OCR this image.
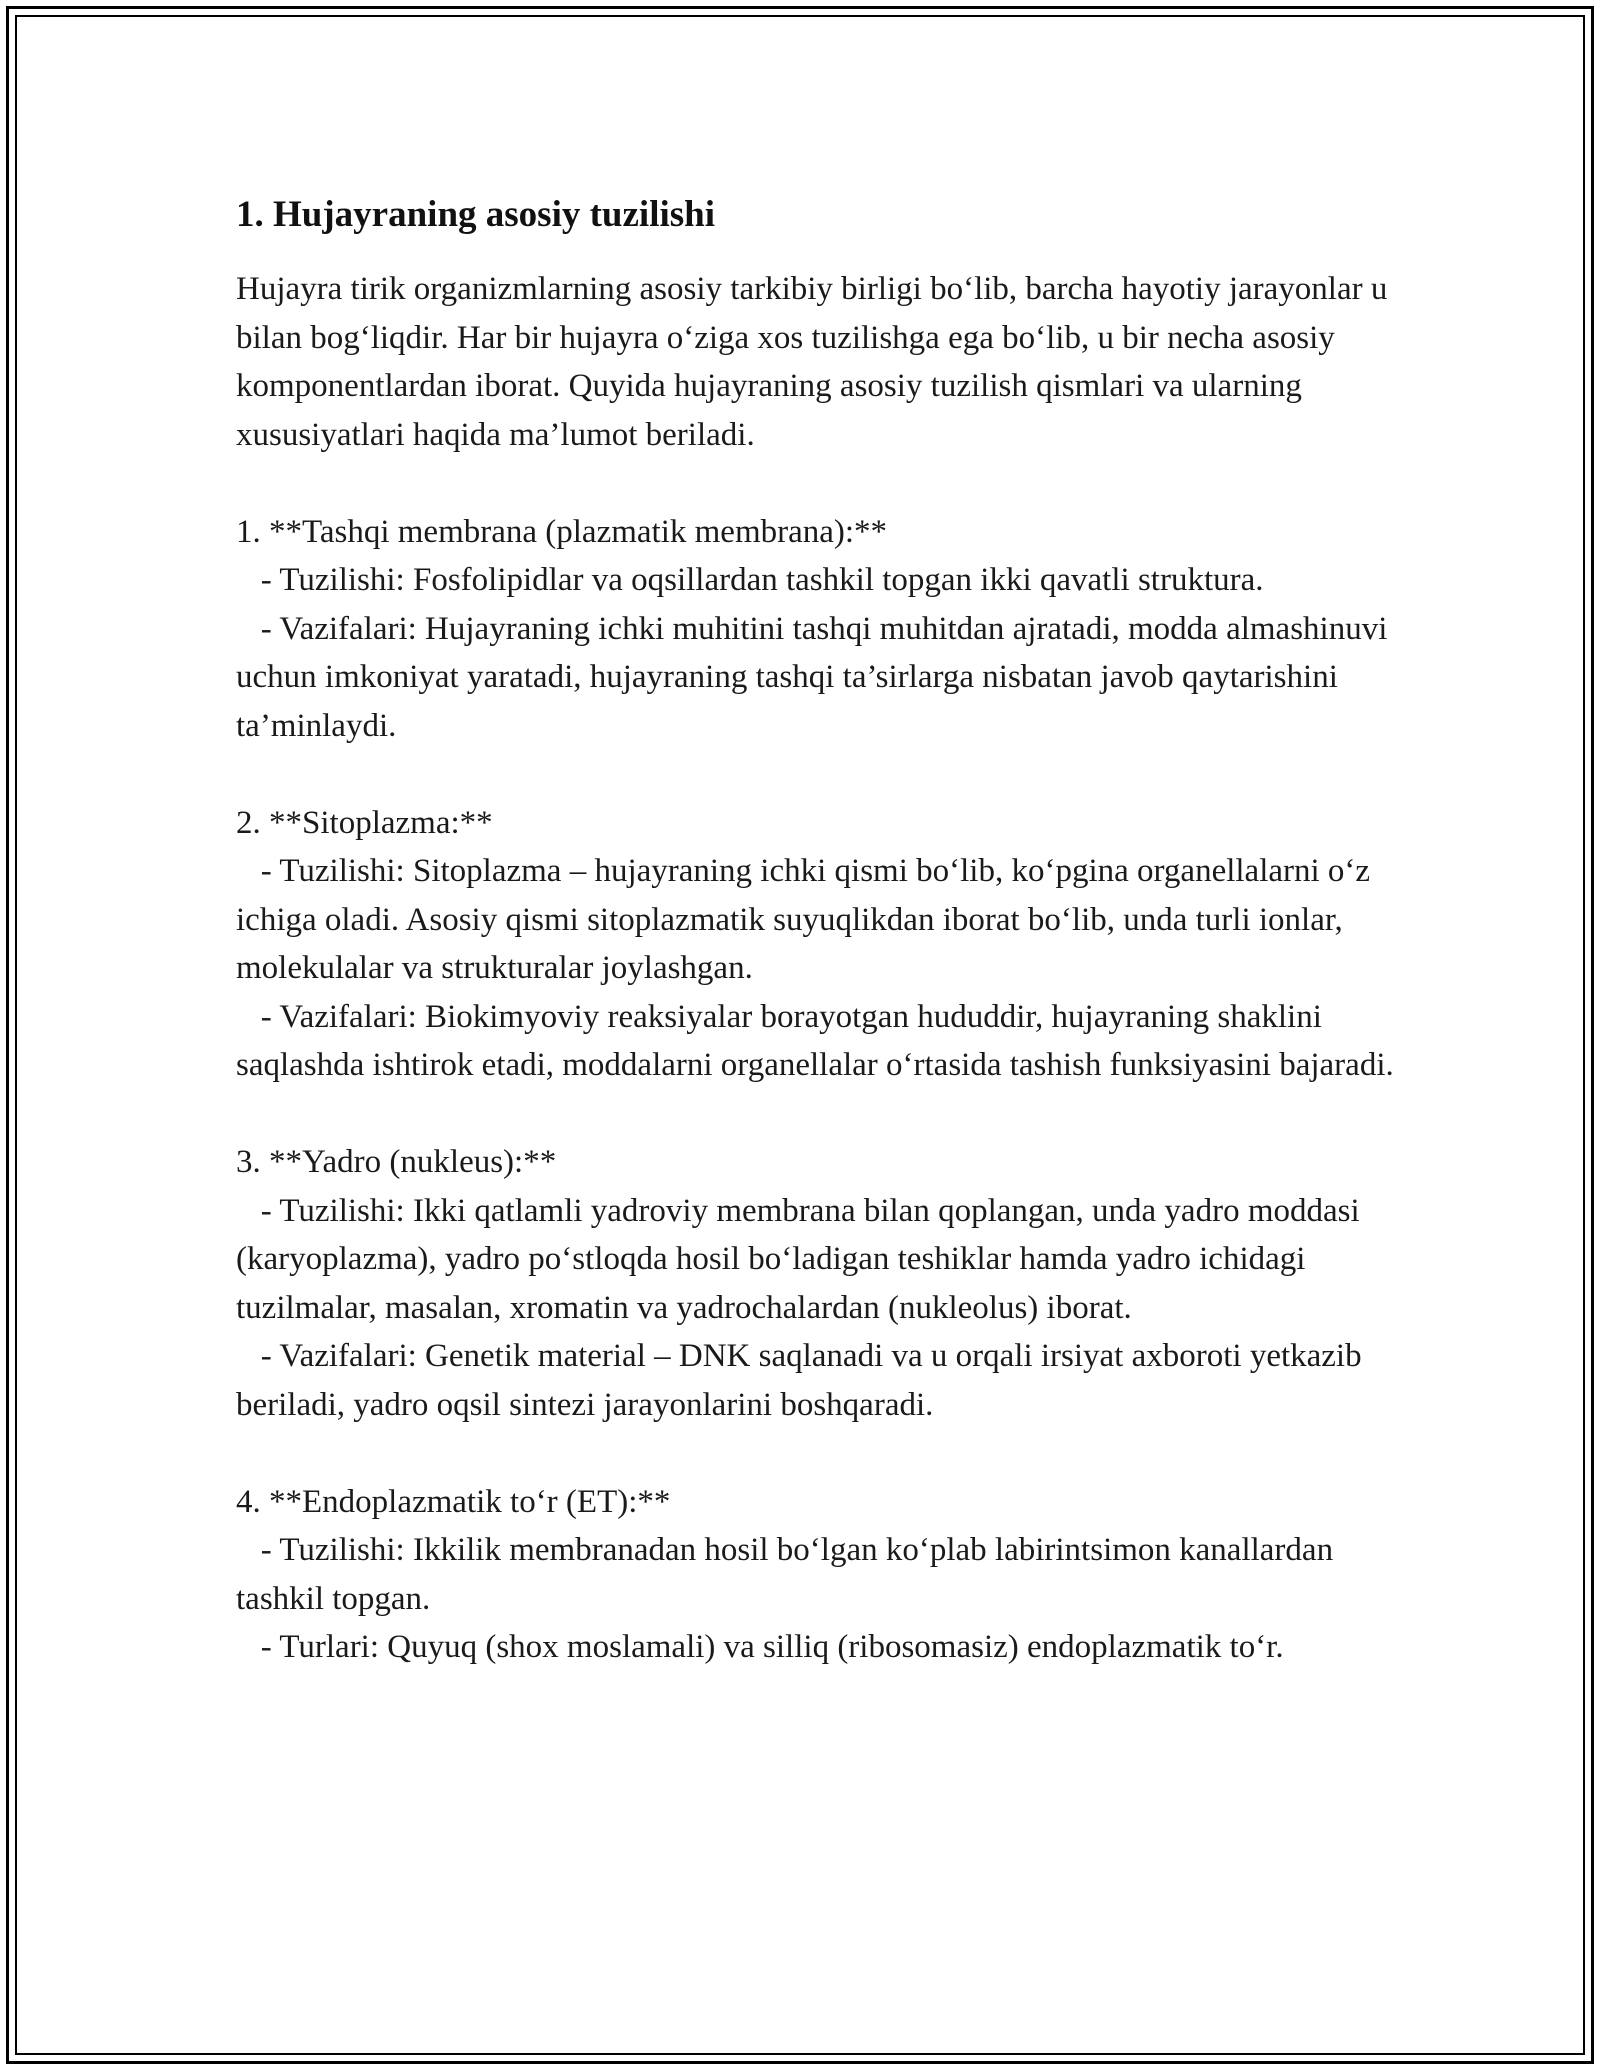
1. Hujayraning asosiy tuzilishi

Hujayra tirik organizmlarning asosiy tarkibiy birligi bo‘lib, barcha hayotiy jarayonlar u bilan bog‘liqdir. Har bir hujayra o‘ziga xos tuzilishga ega bo‘lib, u bir necha asosiy komponentlardan iborat. Quyida hujayraning asosiy tuzilish qismlari va ularning xususiyatlari haqida ma’lumot beriladi.

1. **Tashqi membrana (plazmatik membrana):**
- Tuzilishi: Fosfolipidlar va oqsillardan tashkil topgan ikki qavatli struktura.
- Vazifalari: Hujayraning ichki muhitini tashqi muhitdan ajratadi, modda almashinuvi uchun imkoniyat yaratadi, hujayraning tashqi ta’sirlarga nisbatan javob qaytarishini ta’minlaydi.
2. **Sitoplazma:**
- Tuzilishi: Sitoplazma – hujayraning ichki qismi bo‘lib, ko‘pgina organellalarni o‘z ichiga oladi. Asosiy qismi sitoplazmatik suyuqlikdan iborat bo‘lib, unda turli ionlar, molekulalar va strukturalar joylashgan.
- Vazifalari: Biokimyoviy reaksiyalar borayotgan hududdir, hujayraning shaklini saqlashda ishtirok etadi, moddalarni organellalar o‘rtasida tashish funksiyasini bajaradi.
3. **Yadro (nukleus):**
- Tuzilishi: Ikki qatlamli yadroviy membrana bilan qoplangan, unda yadro moddasi (karyoplazma), yadro po‘stloqda hosil bo‘ladigan teshiklar hamda yadro ichidagi tuzilmalar, masalan, xromatin va yadrochalardan (nukleolus) iborat.
- Vazifalari: Genetik material – DNK saqlanadi va u orqali irsiyat axboroti yetkazib beriladi, yadro oqsil sintezi jarayonlarini boshqaradi.
4. **Endoplazmatik to‘r (ET):**
- Tuzilishi: Ikkilik membranadan hosil bo‘lgan ko‘plab labirintsimon kanallardan tashkil topgan.
- Turlari: Quyuq (shox moslamali) va silliq (ribosomasiz) endoplazmatik to‘r.
